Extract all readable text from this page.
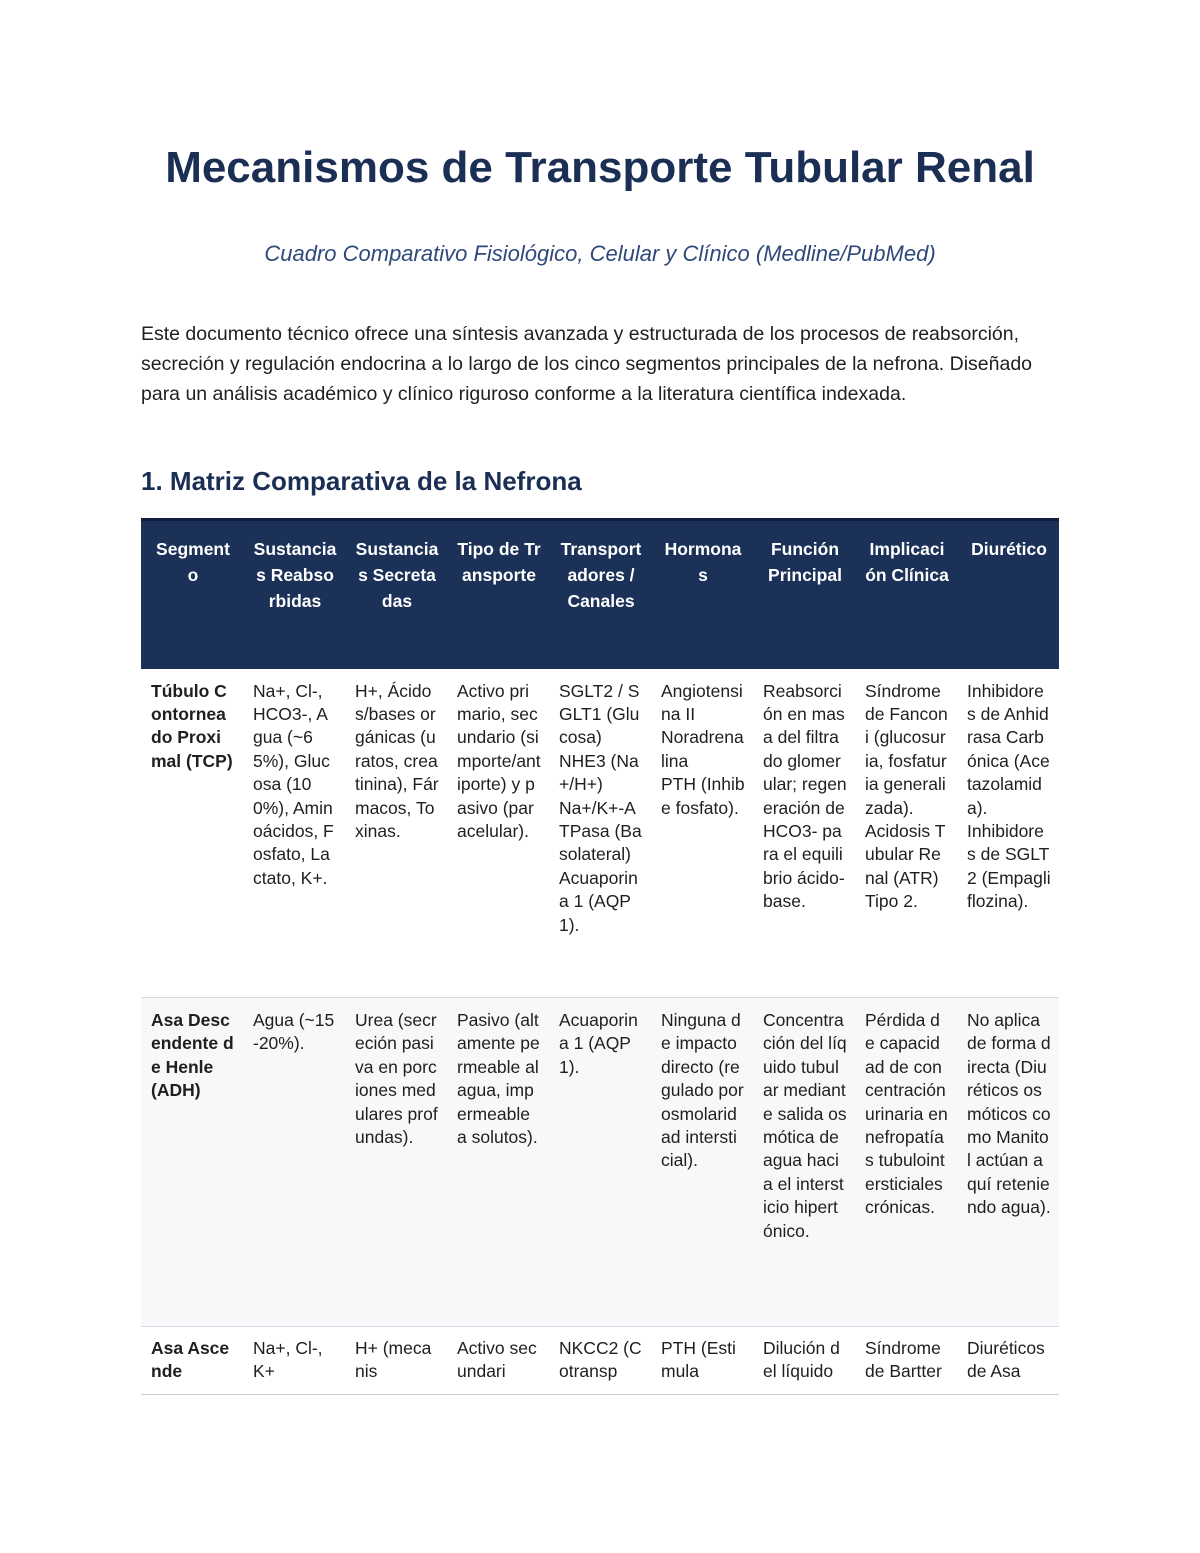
Mecanismos de Transporte Tubular Renal

Cuadro Comparativo Fisiológico, Celular y Clínico (Medline/PubMed)

Este documento técnico ofrece una síntesis avanzada y estructurada de los procesos de reabsorción, secreción y regulación endocrina a lo largo de los cinco segmentos principales de la nefrona. Diseñado para un análisis académico y clínico riguroso conforme a la literatura científica indexada.

1. Matriz Comparativa de la Nefrona
Segmento	Sustancias Reabsorbidas	Sustancias Secretadas	Tipo de Transporte	Transportadores / Canales	Hormonas	Función Principal	Implicación Clínica	Diurético
Túbulo Contorneado Proximal (TCP)	Na+, Cl-, HCO3-, Agua (~65%), Glucosa (100%), Aminoácidos, Fosfato, Lactato, K+.	H+, Ácidos/bases orgánicas (uratos, creatinina), Fármacos, Toxinas.	Activo primario, secundario (simporte/antiporte) y pasivo (paracelular).	SGLT2 / SGLT1 (Glucosa)
NHE3 (Na+/H+)
Na+/K+-ATPasa (Basolateral)
Acuaporina 1 (AQP1).	Angiotensina II
Noradrenalina
PTH (Inhibe fosfato).	Reabsorción en masa del filtrado glomerular; regeneración de HCO3- para el equilibrio ácido-base.	Síndrome de Fanconi (glucosuria, fosfaturia generalizada).
Acidosis Tubular Renal (ATR) Tipo 2.	Inhibidores de Anhidrasa Carbónica (Acetazolamida).
Inhibidores de SGLT2 (Empagliflozina).

Asa Descendente de Henle (ADH)	Agua (~15-20%).	Urea (secreción pasiva en porciones medulares profundas).	Pasivo (altamente permeable al agua, impermeable a solutos).	Acuaporina 1 (AQP1).	Ninguna de impacto directo (regulado por osmolaridad intersticial).	Concentración del líquido tubular mediante salida osmótica de agua hacia el intersticio hipertónico.	Pérdida de capacidad de concentración urinaria en nefropatías tubulointersticiales crónicas.	No aplica de forma directa (Diuréticos osmóticos como Manitol actúan aquí reteniendo agua).

Asa Ascende	Na+, Cl-, K+	H+ (mecanis	Activo secundari	NKCC2 (Cotransp	PTH (Estimula	Dilución del líquido	Síndrome de Bartter	Diuréticos de Asa
